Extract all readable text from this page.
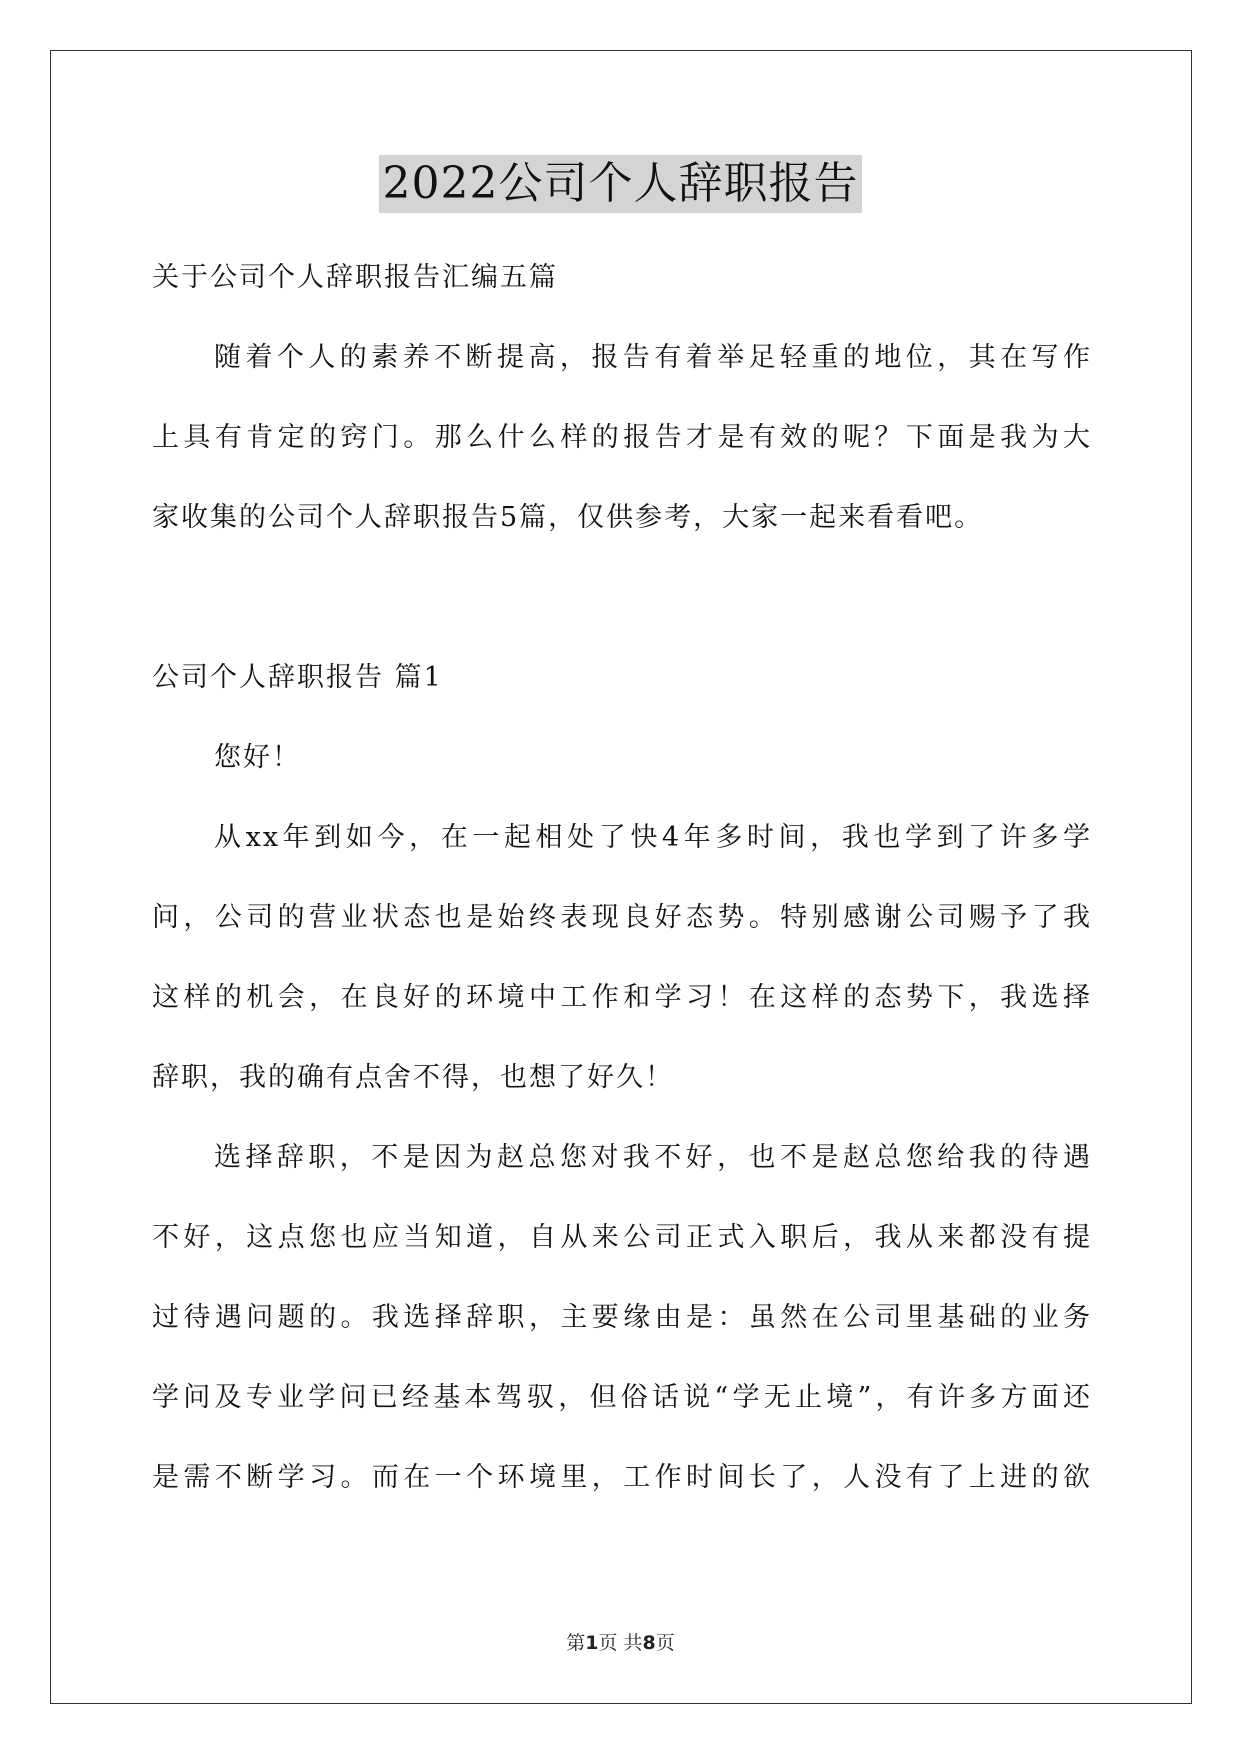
2022公司个人辞职报告
关于公司个人辞职报告汇编五篇
随着个人的素养不断提高，报告有着举足轻重的地位，其在写作
上具有肯定的窍门。那么什么样的报告才是有效的呢？下面是我为大
家收集的公司个人辞职报告5篇，仅供参考，大家一起来看看吧。
公司个人辞职报告 篇1
您好！
从xx年到如今，在一起相处了快4年多时间，我也学到了许多学
问，公司的营业状态也是始终表现良好态势。特别感谢公司赐予了我
这样的机会，在良好的环境中工作和学习！在这样的态势下，我选择
辞职，我的确有点舍不得，也想了好久！
选择辞职，不是因为赵总您对我不好，也不是赵总您给我的待遇
不好，这点您也应当知道，自从来公司正式入职后，我从来都没有提
过待遇问题的。我选择辞职，主要缘由是：虽然在公司里基础的业务
学问及专业学问已经基本驾驭，但俗话说“学无止境”，有许多方面还
是需不断学习。而在一个环境里，工作时间长了，人没有了上进的欲
第1页 共8页
